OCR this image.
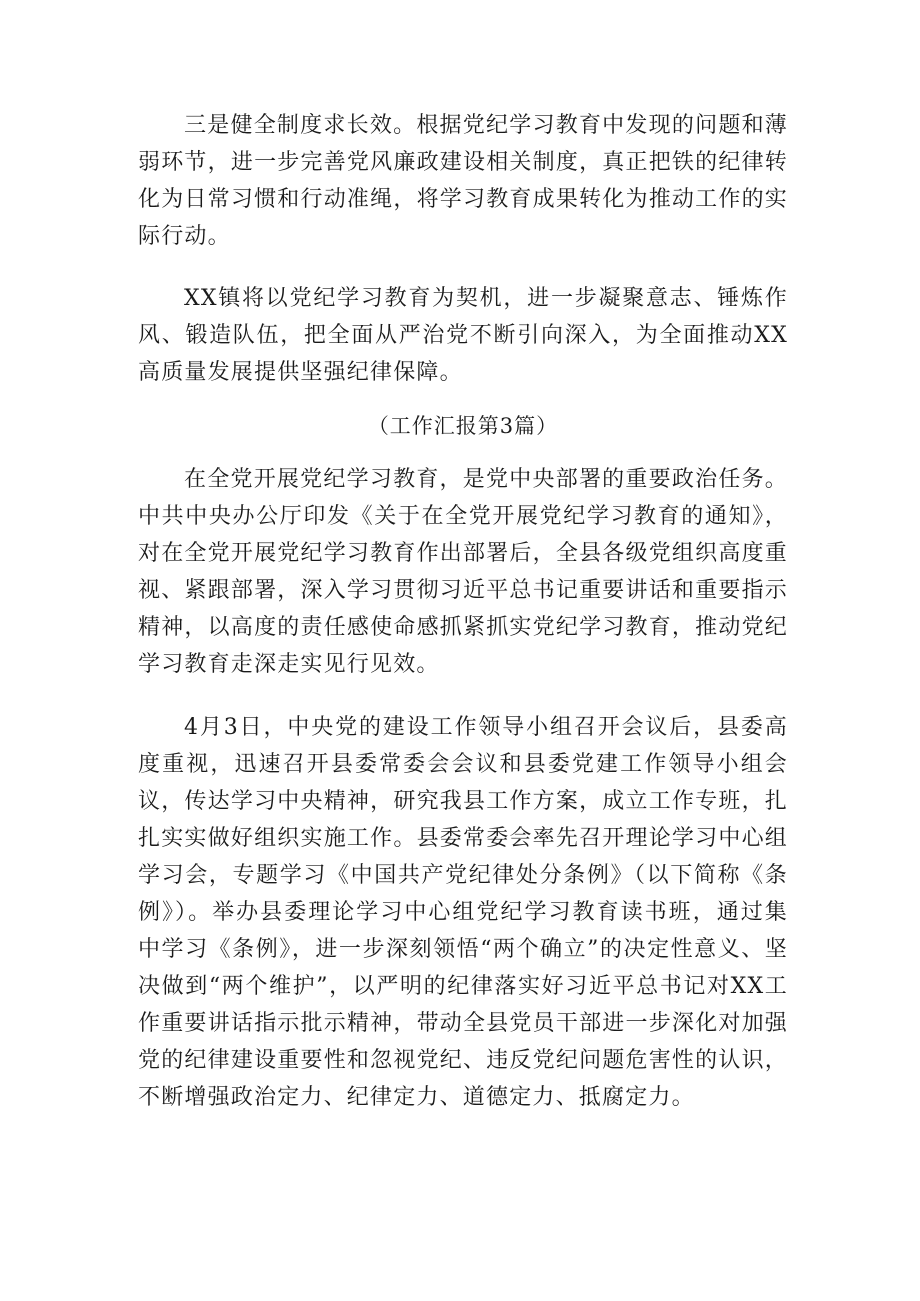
三是健全制度求长效。根据党纪学习教育中发现的问题和薄弱环节，进一步完善党风廉政建设相关制度，真正把铁的纪律转化为日常习惯和行动准绳，将学习教育成果转化为推动工作的实际行动。

XX镇将以党纪学习教育为契机，进一步凝聚意志、锤炼作风、锻造队伍，把全面从严治党不断引向深入，为全面推动XX高质量发展提供坚强纪律保障。

（工作汇报第3篇）

在全党开展党纪学习教育，是党中央部署的重要政治任务。中共中央办公厅印发《关于在全党开展党纪学习教育的通知》，对在全党开展党纪学习教育作出部署后，全县各级党组织高度重视、紧跟部署，深入学习贯彻习近平总书记重要讲话和重要指示精神，以高度的责任感使命感抓紧抓实党纪学习教育，推动党纪学习教育走深走实见行见效。

4月3日，中央党的建设工作领导小组召开会议后，县委高度重视，迅速召开县委常委会会议和县委党建工作领导小组会议，传达学习中央精神，研究我县工作方案，成立工作专班，扎扎实实做好组织实施工作。县委常委会率先召开理论学习中心组学习会，专题学习《中国共产党纪律处分条例》（以下简称《条例》）。举办县委理论学习中心组党纪学习教育读书班，通过集中学习《条例》，进一步深刻领悟“两个确立”的决定性意义、坚决做到“两个维护”，以严明的纪律落实好习近平总书记对XX工作重要讲话指示批示精神，带动全县党员干部进一步深化对加强党的纪律建设重要性和忽视党纪、违反党纪问题危害性的认识，不断增强政治定力、纪律定力、道德定力、抵腐定力。
